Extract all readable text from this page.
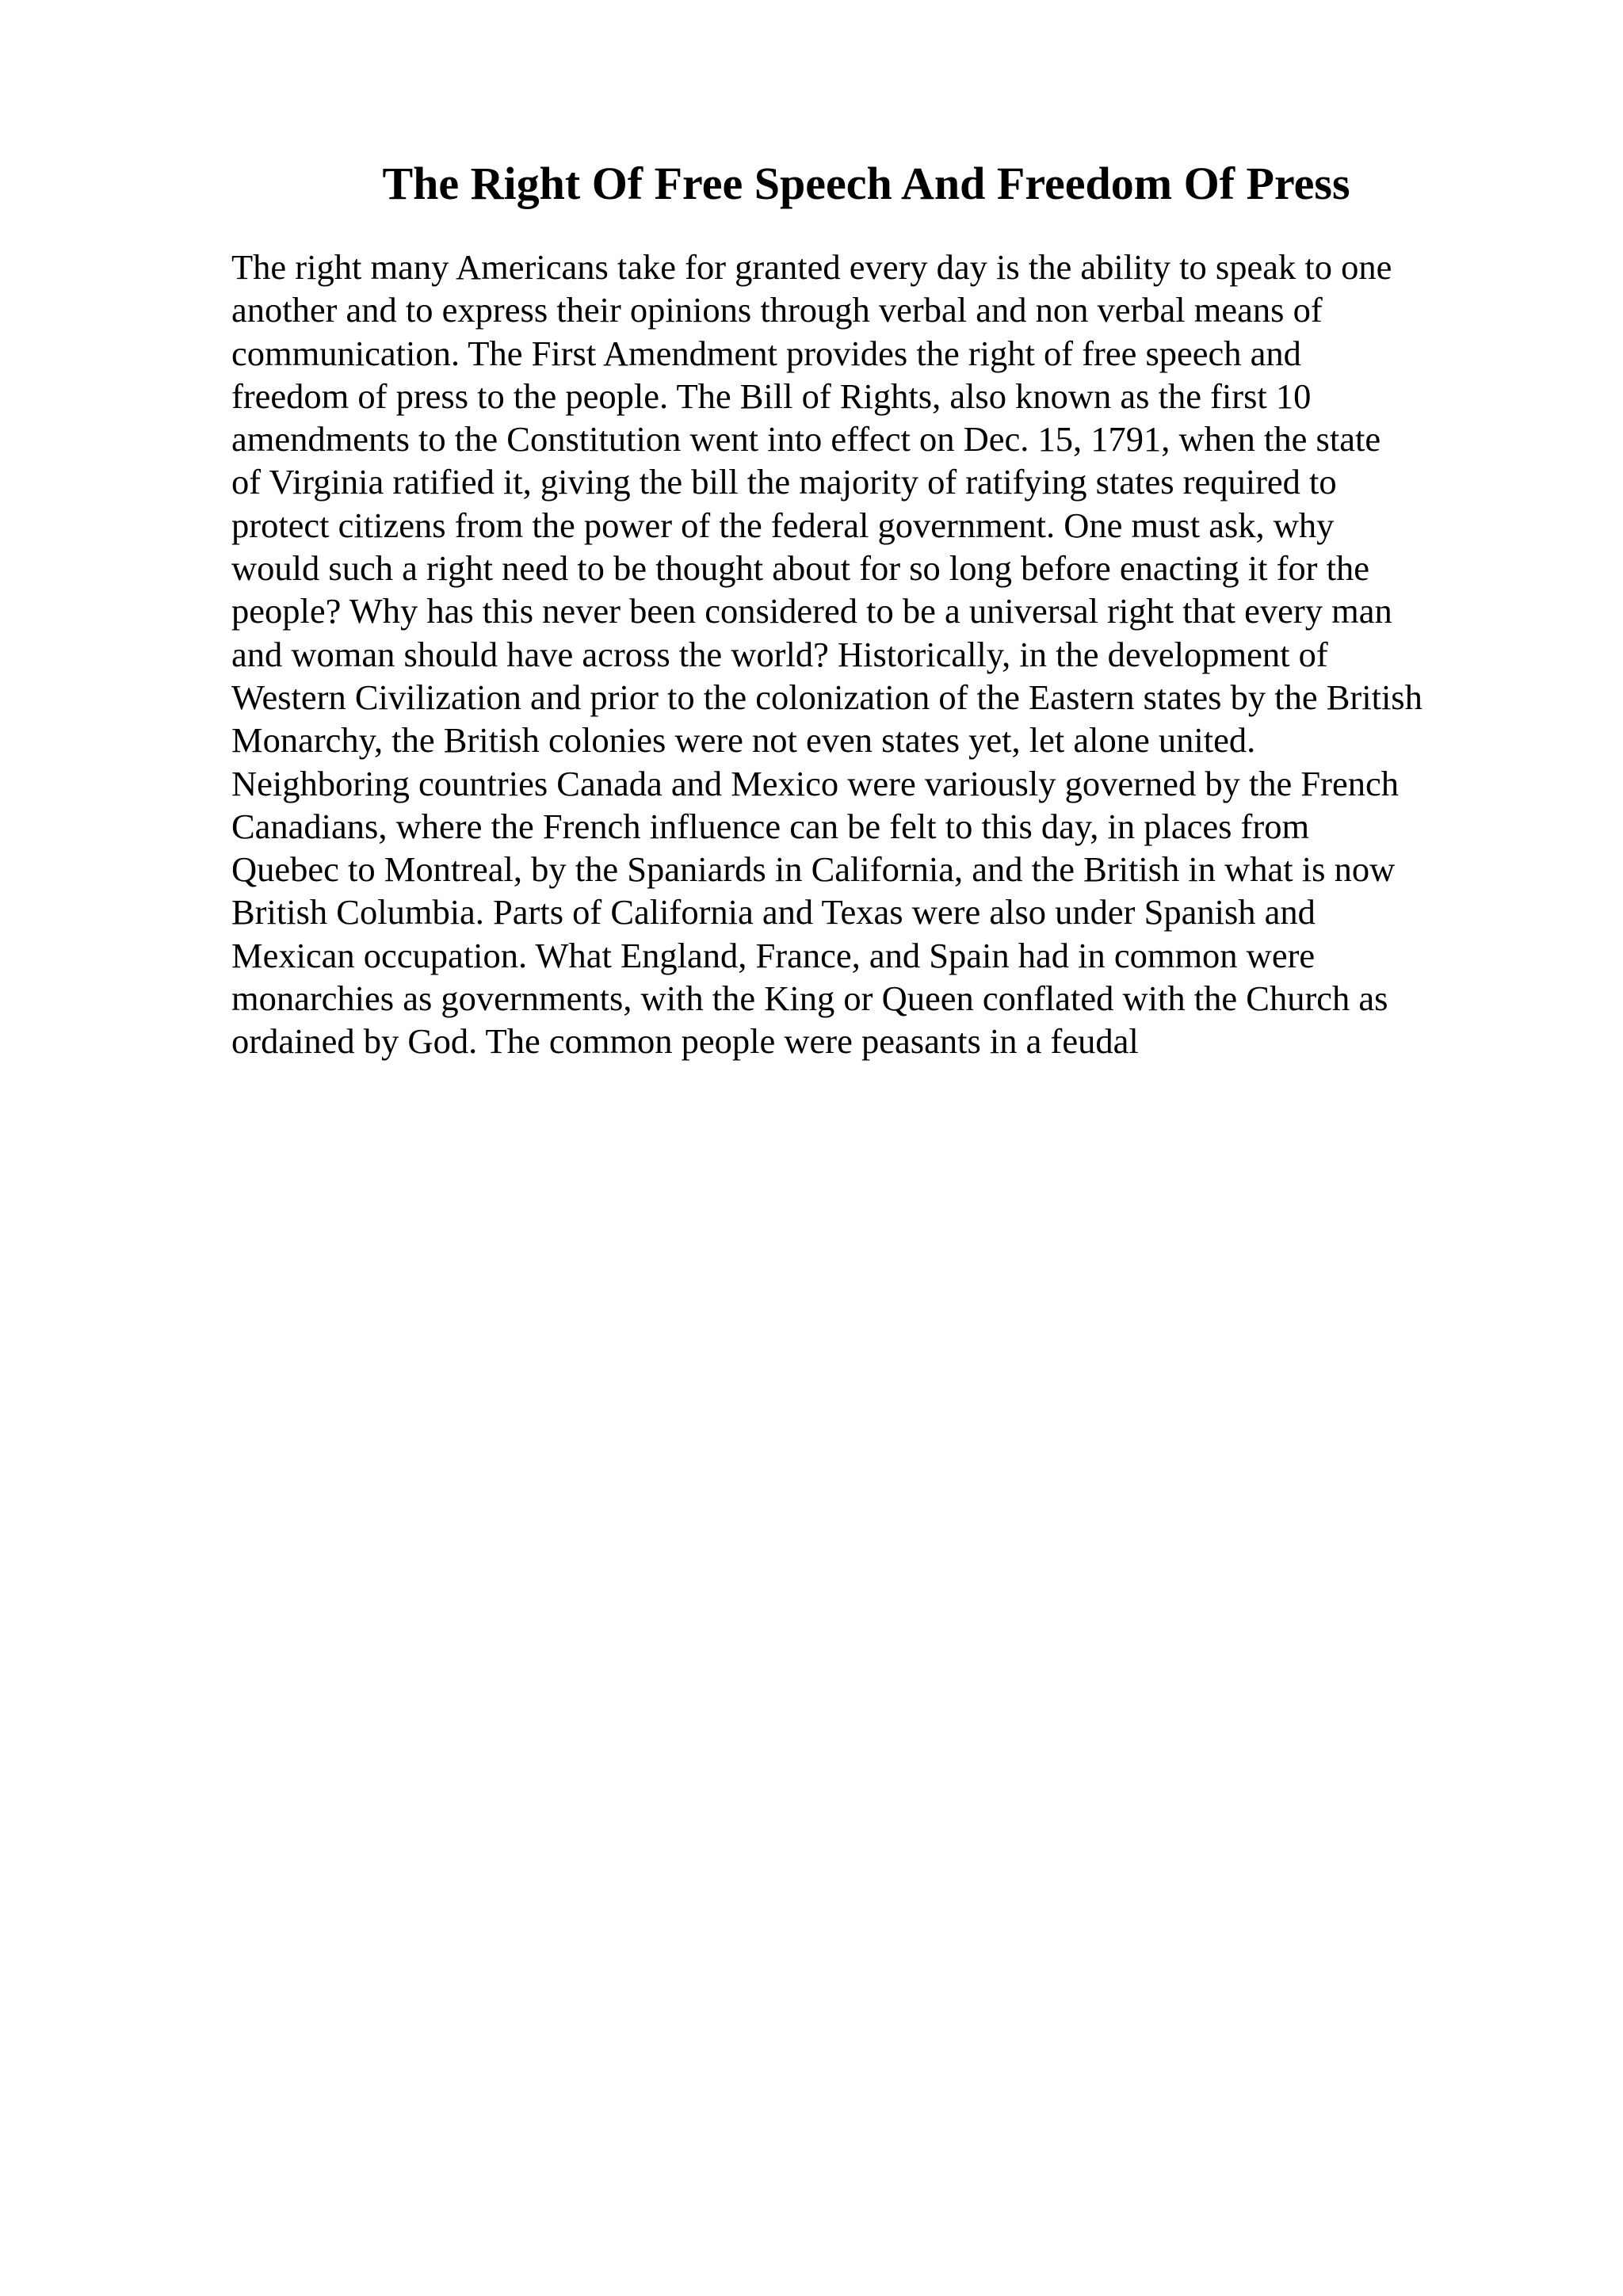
The Right Of Free Speech And Freedom Of Press
The right many Americans take for granted every day is the ability to speak to one
another and to express their opinions through verbal and non verbal means of
communication. The First Amendment provides the right of free speech and
freedom of press to the people. The Bill of Rights, also known as the first 10
amendments to the Constitution went into effect on Dec. 15, 1791, when the state
of Virginia ratified it, giving the bill the majority of ratifying states required to
protect citizens from the power of the federal government. One must ask, why
would such a right need to be thought about for so long before enacting it for the
people? Why has this never been considered to be a universal right that every man
and woman should have across the world? Historically, in the development of
Western Civilization and prior to the colonization of the Eastern states by the British
Monarchy, the British colonies were not even states yet, let alone united.
Neighboring countries Canada and Mexico were variously governed by the French
Canadians, where the French influence can be felt to this day, in places from
Quebec to Montreal, by the Spaniards in California, and the British in what is now
British Columbia. Parts of California and Texas were also under Spanish and
Mexican occupation. What England, France, and Spain had in common were
monarchies as governments, with the King or Queen conflated with the Church as
ordained by God. The common people were peasants in a feudal
